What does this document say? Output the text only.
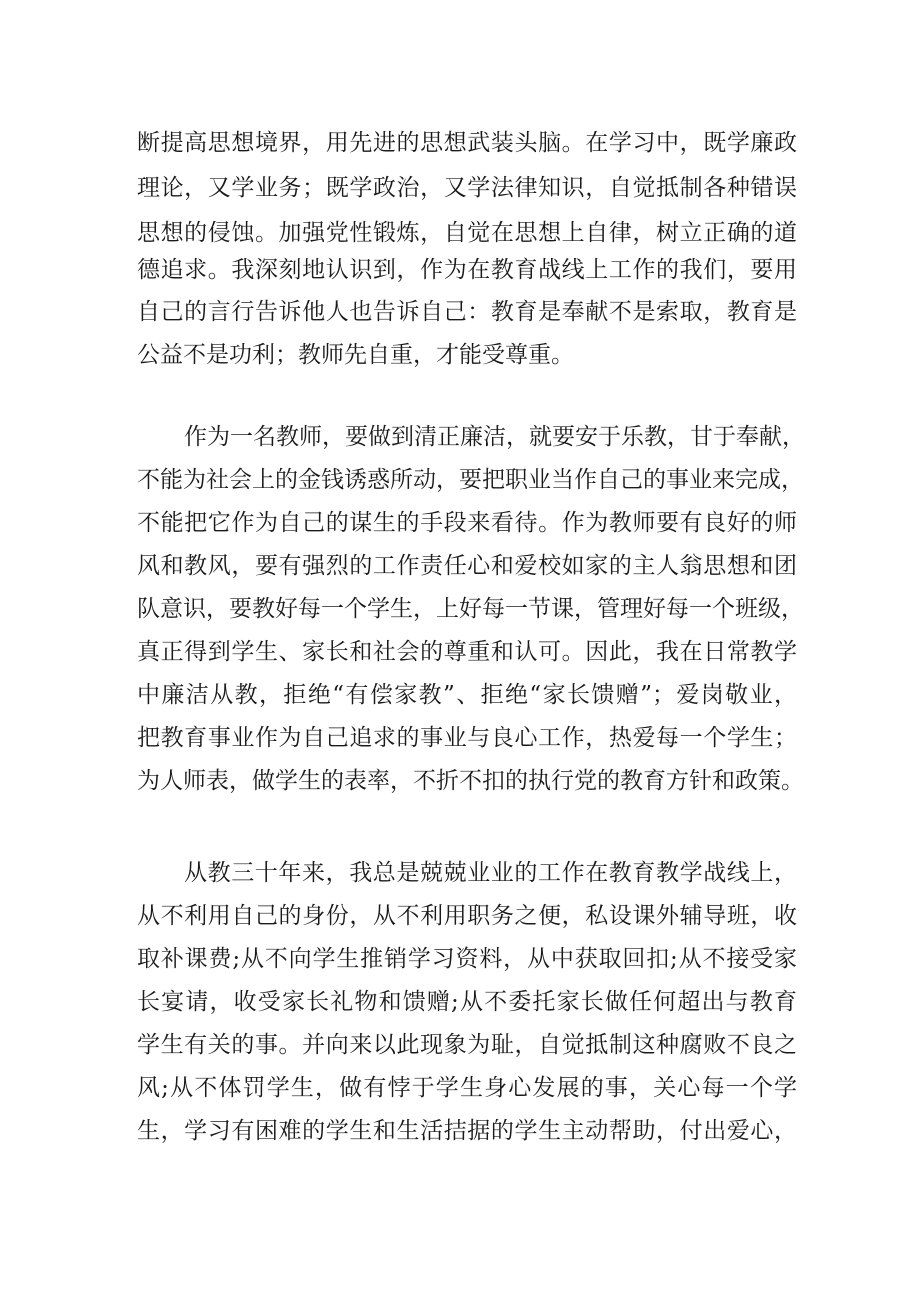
断提高思想境界，用先进的思想武装头脑。在学习中，既学廉政
理论，又学业务；既学政治，又学法律知识，自觉抵制各种错误
思想的侵蚀。加强党性锻炼，自觉在思想上自律，树立正确的道
德追求。我深刻地认识到，作为在教育战线上工作的我们，要用
自己的言行告诉他人也告诉自己：教育是奉献不是索取，教育是
公益不是功利；教师先自重，才能受尊重。
作为一名教师，要做到清正廉洁，就要安于乐教，甘于奉献，
不能为社会上的金钱诱惑所动，要把职业当作自己的事业来完成，
不能把它作为自己的谋生的手段来看待。作为教师要有良好的师
风和教风，要有强烈的工作责任心和爱校如家的主人翁思想和团
队意识，要教好每一个学生，上好每一节课，管理好每一个班级，
真正得到学生、家长和社会的尊重和认可。因此，我在日常教学
中廉洁从教，拒绝“有偿家教”、拒绝“家长馈赠”；爱岗敬业，
把教育事业作为自己追求的事业与良心工作，热爱每一个学生；
为人师表，做学生的表率，不折不扣的执行党的教育方针和政策。
从教三十年来，我总是兢兢业业的工作在教育教学战线上，
从不利用自己的身份，从不利用职务之便，私设课外辅导班，收
取补课费;从不向学生推销学习资料，从中获取回扣;从不接受家
长宴请，收受家长礼物和馈赠;从不委托家长做任何超出与教育
学生有关的事。并向来以此现象为耻，自觉抵制这种腐败不良之
风;从不体罚学生，做有悖于学生身心发展的事，关心每一个学
生，学习有困难的学生和生活拮据的学生主动帮助，付出爱心，
